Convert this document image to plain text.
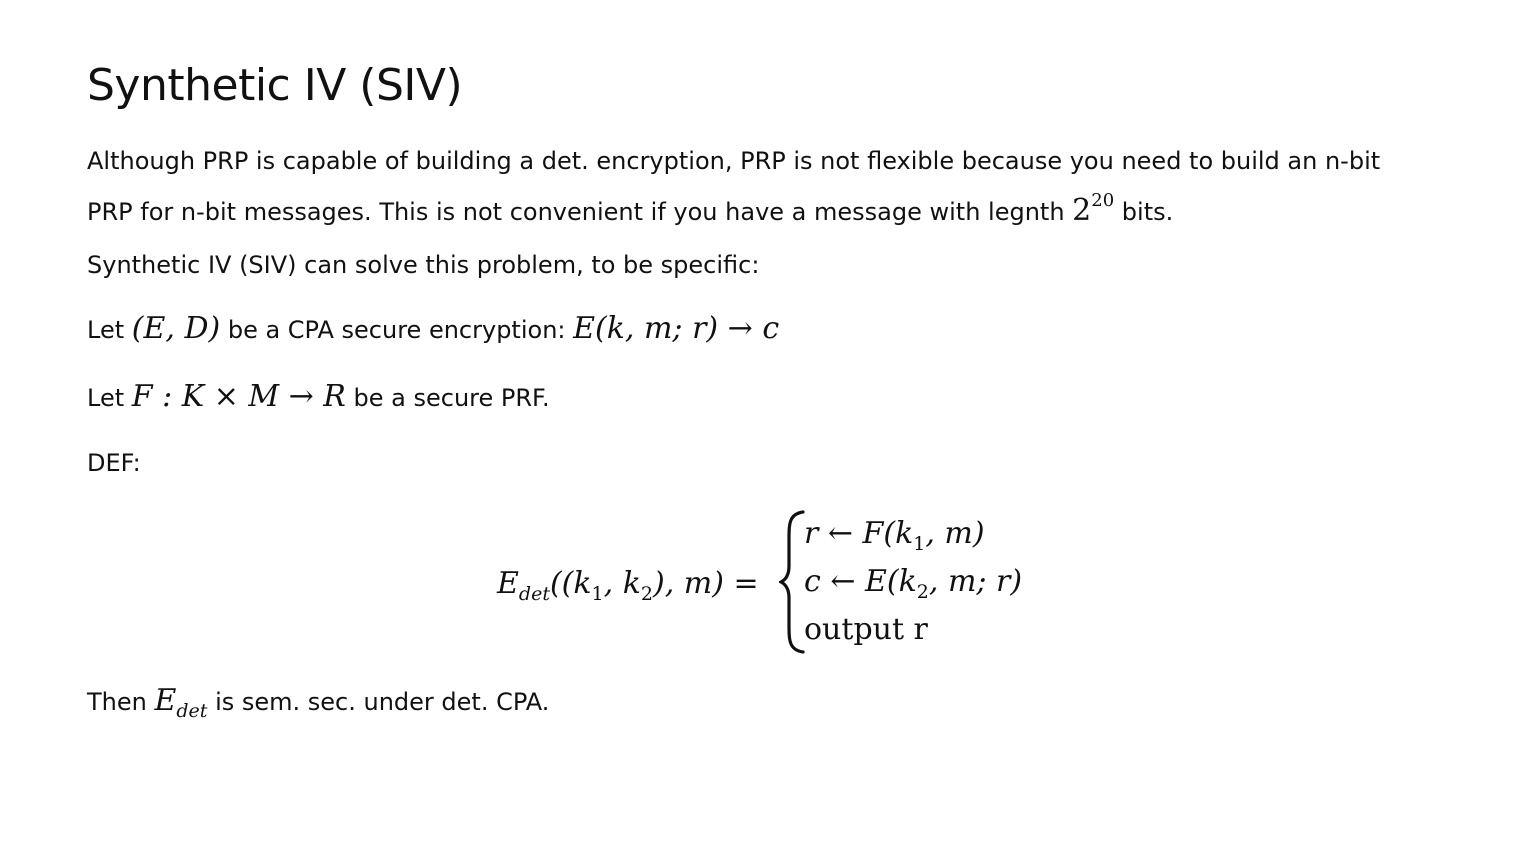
Synthetic IV (SIV)

Although PRP is capable of building a det. encryption, PRP is not flexible because you need to build an n-bit PRP for n-bit messages. This is not convenient if you have a message with legnth $2^{20}$ bits.

Synthetic IV (SIV) can solve this problem, to be specific:

Let (E, D) be a CPA secure encryption: E(k, m; r) → c

Let F : K × M → R be a secure PRF.

DEF:

$E_{det}((k_1$, $k_2$), m) =
r ← $F(k_1$, m)
c ← $E(k_2$, m; r)
output r

Then $E_{det}$ is sem. sec. under det. CPA.
